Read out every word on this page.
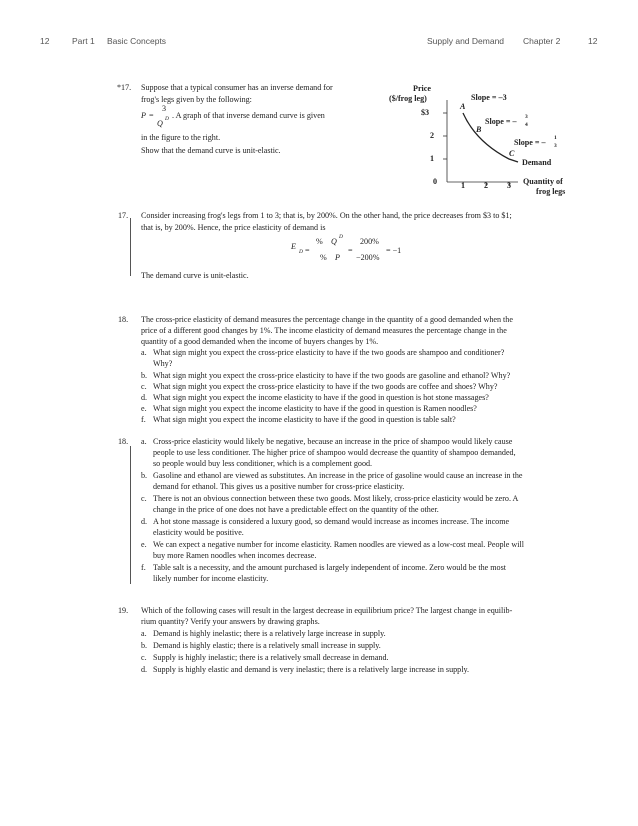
12	Part 1 Basic Concepts	Supply and Demand Chapter 2	12
*17. Suppose that a typical consumer has an inverse demand for
frog's legs given by the following:
P =
3
Q D . A graph of that inverse demand curve is given
in the figure to the right.
Show that the demand curve is unit-elastic.
Price
($/frog leg)
$3
2
1
0	1 2 3 Quantity of
frog legs
A
B
C
Slope = –3
Slope = – 3
4
Slope = – 1
3
Demand
17. Consider increasing frog's legs from 1 to 3; that is, by 200%. On the other hand, the price decreases from $3 to $1;
that is, by 200%. Hence, the price elasticity of demand is
E
D =
% Q D
% P
=
200%
−200%
= −1
The demand curve is unit-elastic.
18. The cross-price elasticity of demand measures the percentage change in the quantity of a good demanded when the
price of a different good changes by 1%. The income elasticity of demand measures the percentage change in the
quantity of a good demanded when the income of buyers changes by 1%.
a. What sign might you expect the cross-price elasticity to have if the two goods are shampoo and conditioner?
Why?
b. What sign might you expect the cross-price elasticity to have if the two goods are gasoline and ethanol? Why?
c. What sign might you expect the cross-price elasticity to have if the two goods are coffee and shoes? Why?
d. What sign might you expect the income elasticity to have if the good in question is hot stone massages?
e. What sign might you expect the income elasticity to have if the good in question is Ramen noodles?
f. What sign might you expect the income elasticity to have if the good in question is table salt?
18. a. Cross-price elasticity would likely be negative, because an increase in the price of shampoo would likely cause
people to use less conditioner. The higher price of shampoo would decrease the quantity of shampoo demanded,
so people would buy less conditioner, which is a complement good.
b. Gasoline and ethanol are viewed as substitutes. An increase in the price of gasoline would cause an increase in the
demand for ethanol. This gives us a positive number for cross-price elasticity.
c. There is not an obvious connection between these two goods. Most likely, cross-price elasticity would be zero. A
change in the price of one does not have a predictable effect on the quantity of the other.
d. A hot stone massage is considered a luxury good, so demand would increase as incomes increase. The income
elasticity would be positive.
e. We can expect a negative number for income elasticity. Ramen noodles are viewed as a low-cost meal. People will
buy more Ramen noodles when incomes decrease.
f. Table salt is a necessity, and the amount purchased is largely independent of income. Zero would be the most
likely number for income elasticity.
19. Which of the following cases will result in the largest decrease in equilibrium price? The largest change in equilib-
rium quantity? Verify your answers by drawing graphs.
a. Demand is highly inelastic; there is a relatively large increase in supply.
b. Demand is highly elastic; there is a relatively small increase in supply.
c. Supply is highly inelastic; there is a relatively small decrease in demand.
d. Supply is highly elastic and demand is very inelastic; there is a relatively large increase in supply.
